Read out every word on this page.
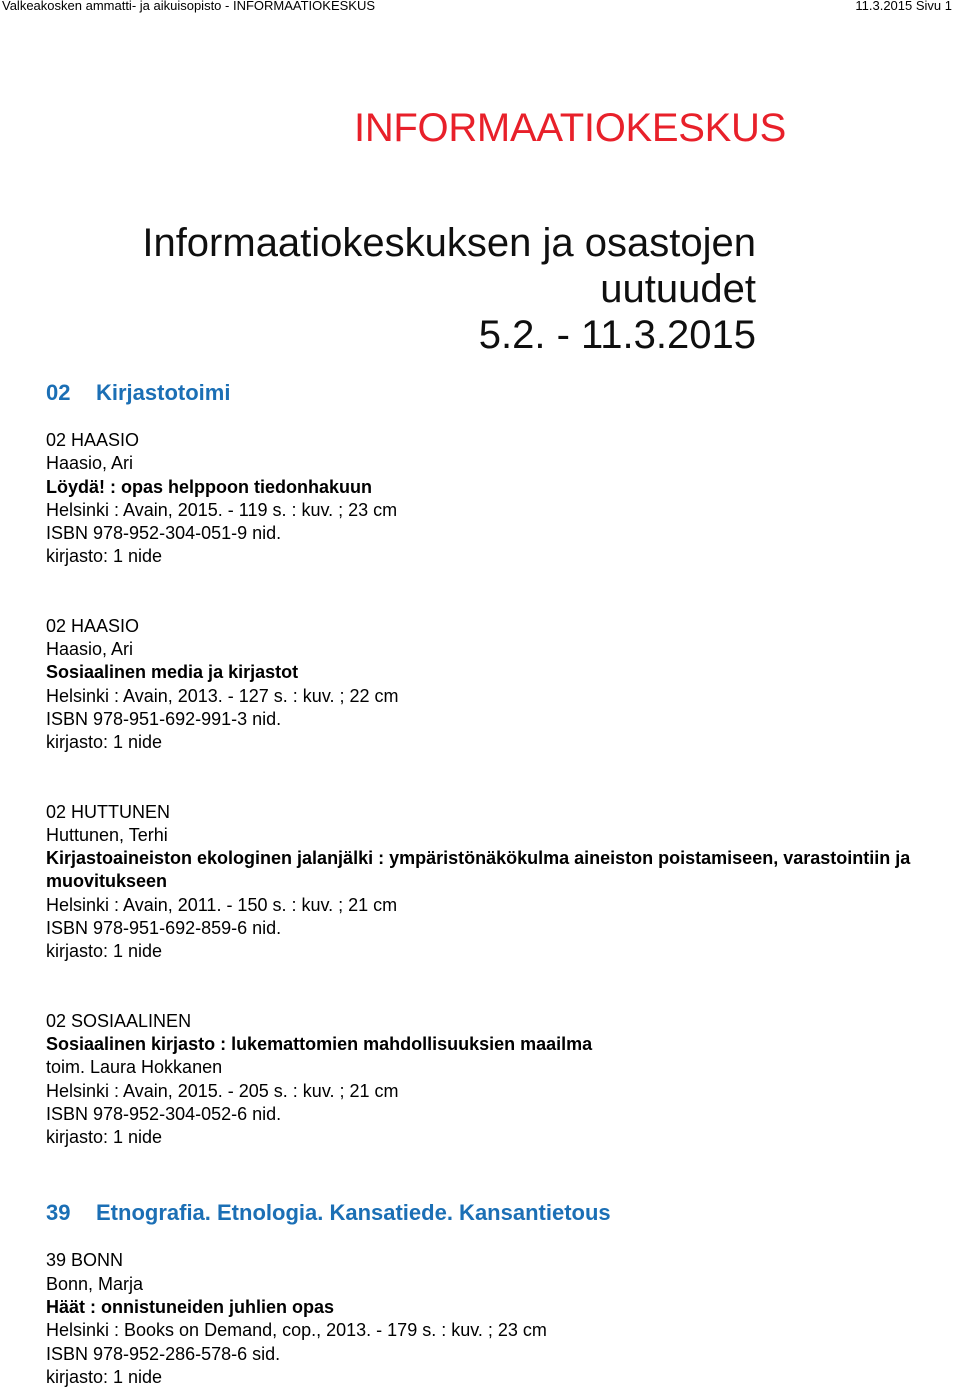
Valkeakosken ammatti- ja aikuisopisto - INFORMAATIOKESKUS	11.3.2015 Sivu 1
INFORMAATIOKESKUS
Informaatiokeskuksen ja osastojen uutuudet
5.2. - 11.3.2015
02	Kirjastotoimi
02 HAASIO
Haasio, Ari
Löydä! : opas helppoon tiedonhakuun
Helsinki : Avain, 2015. - 119 s. : kuv. ; 23 cm
ISBN 978-952-304-051-9 nid.
kirjasto: 1 nide
02 HAASIO
Haasio, Ari
Sosiaalinen media ja kirjastot
Helsinki : Avain, 2013. - 127 s. : kuv. ; 22 cm
ISBN 978-951-692-991-3 nid.
kirjasto: 1 nide
02 HUTTUNEN
Huttunen, Terhi
Kirjastoaineiston ekologinen jalanjälki : ympäristönäkökulma aineiston poistamiseen, varastointiin ja muovitukseen
Helsinki : Avain, 2011. - 150 s. : kuv. ; 21 cm
ISBN 978-951-692-859-6 nid.
kirjasto: 1 nide
02 SOSIAALINEN
Sosiaalinen kirjasto : lukemattomien mahdollisuuksien maailma
toim. Laura Hokkanen
Helsinki : Avain, 2015. - 205 s. : kuv. ; 21 cm
ISBN 978-952-304-052-6 nid.
kirjasto: 1 nide
39	Etnografia. Etnologia. Kansatiede. Kansantietous
39 BONN
Bonn, Marja
Häät : onnistuneiden juhlien opas
Helsinki : Books on Demand, cop., 2013. - 179 s. : kuv. ; 23 cm
ISBN 978-952-286-578-6 sid.
kirjasto: 1 nide
